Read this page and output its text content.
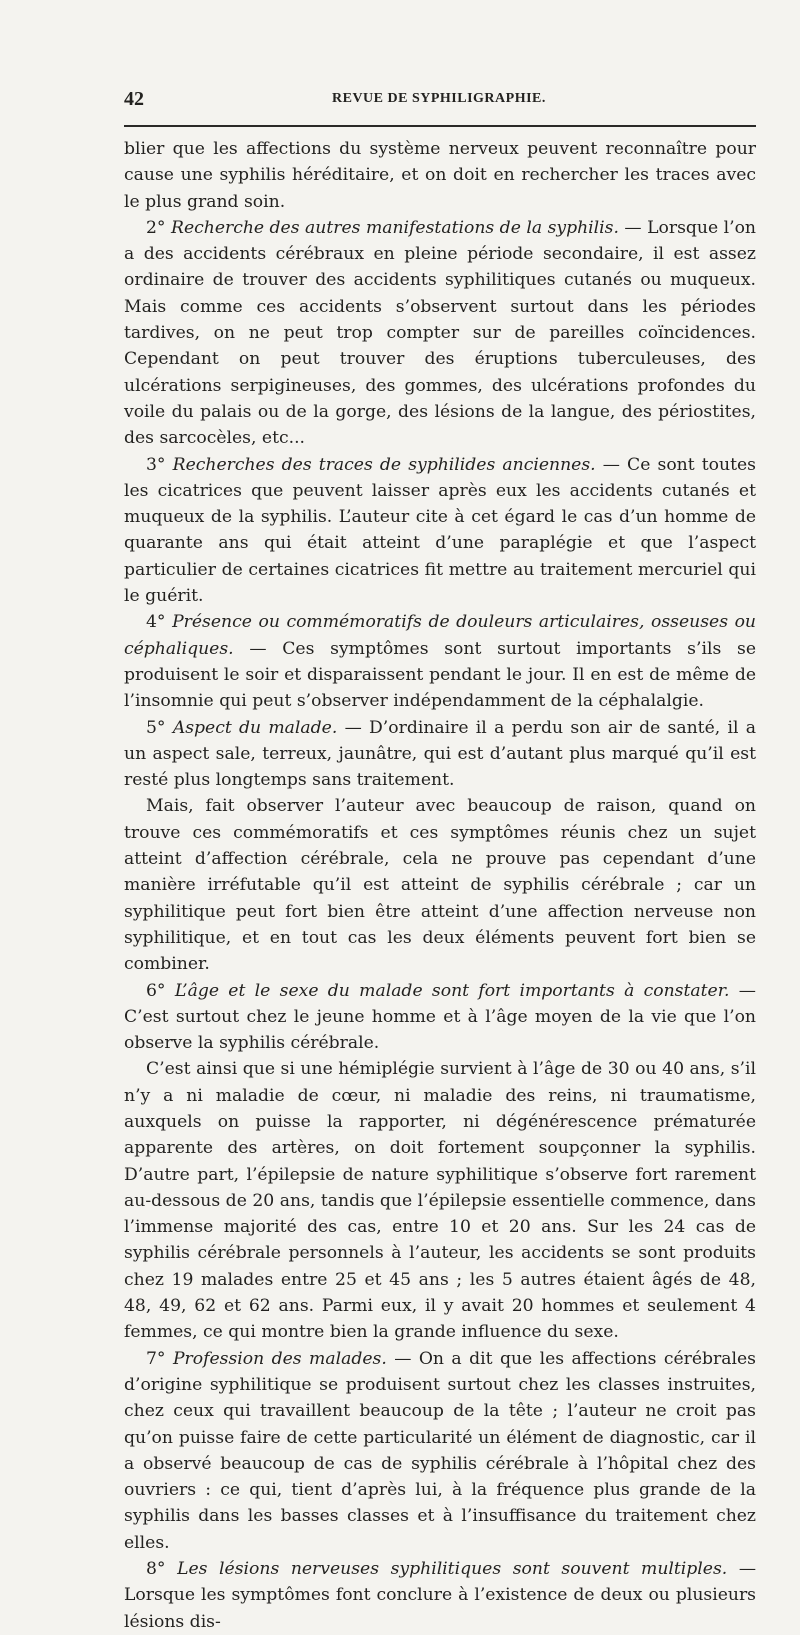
42	REVUE DE SYPHILIGRAPHIE.

blier que les affections du système nerveux peuvent reconnaître pour cause une syphilis héréditaire, et on doit en rechercher les traces avec le plus grand soin.

2° Recherche des autres manifestations de la syphilis. — Lorsque l’on a des accidents cérébraux en pleine période secondaire, il est assez ordinaire de trouver des accidents syphilitiques cutanés ou muqueux. Mais comme ces accidents s’observent surtout dans les périodes tardives, on ne peut trop compter sur de pareilles coïncidences. Cependant on peut trouver des éruptions tuberculeuses, des ulcérations serpigineuses, des gommes, des ulcérations profondes du voile du palais ou de la gorge, des lésions de la langue, des périostites, des sarcocèles, etc...

3° Recherches des traces de syphilides anciennes. — Ce sont toutes les cicatrices que peuvent laisser après eux les accidents cutanés et muqueux de la syphilis. L’auteur cite à cet égard le cas d’un homme de quarante ans qui était atteint d’une paraplégie et que l’aspect particulier de certaines cicatrices fit mettre au traitement mercuriel qui le guérit.

4° Présence ou commémoratifs de douleurs articulaires, osseuses ou céphaliques. — Ces symptômes sont surtout importants s’ils se produisent le soir et disparaissent pendant le jour. Il en est de même de l’insomnie qui peut s’observer indépendamment de la céphalalgie.

5° Aspect du malade. — D’ordinaire il a perdu son air de santé, il a un aspect sale, terreux, jaunâtre, qui est d’autant plus marqué qu’il est resté plus longtemps sans traitement.

Mais, fait observer l’auteur avec beaucoup de raison, quand on trouve ces commémoratifs et ces symptômes réunis chez un sujet atteint d’affection cérébrale, cela ne prouve pas cependant d’une manière irréfutable qu’il est atteint de syphilis cérébrale ; car un syphilitique peut fort bien être atteint d’une affection nerveuse non syphilitique, et en tout cas les deux éléments peuvent fort bien se combiner.

6° L’âge et le sexe du malade sont fort importants à constater. — C’est surtout chez le jeune homme et à l’âge moyen de la vie que l’on observe la syphilis cérébrale.

C’est ainsi que si une hémiplégie survient à l’âge de 30 ou 40 ans, s’il n’y a ni maladie de cœur, ni maladie des reins, ni traumatisme, auxquels on puisse la rapporter, ni dégénérescence prématurée apparente des artères, on doit fortement soupçonner la syphilis. D’autre part, l’épilepsie de nature syphilitique s’observe fort rarement au-dessous de 20 ans, tandis que l’épilepsie essentielle commence, dans l’immense majorité des cas, entre 10 et 20 ans. Sur les 24 cas de syphilis cérébrale personnels à l’auteur, les accidents se sont produits chez 19 malades entre 25 et 45 ans ; les 5 autres étaient âgés de 48, 48, 49, 62 et 62 ans. Parmi eux, il y avait 20 hommes et seulement 4 femmes, ce qui montre bien la grande influence du sexe.

7° Profession des malades. — On a dit que les affections cérébrales d’origine syphilitique se produisent surtout chez les classes instruites, chez ceux qui travaillent beaucoup de la tête ; l’auteur ne croit pas qu’on puisse faire de cette particularité un élément de diagnostic, car il a observé beaucoup de cas de syphilis cérébrale à l’hôpital chez des ouvriers : ce qui, tient d’après lui, à la fréquence plus grande de la syphilis dans les basses classes et à l’insuffisance du traitement chez elles.

8° Les lésions nerveuses syphilitiques sont souvent multiples. — Lorsque les symptômes font conclure à l’existence de deux ou plusieurs lésions dis-
